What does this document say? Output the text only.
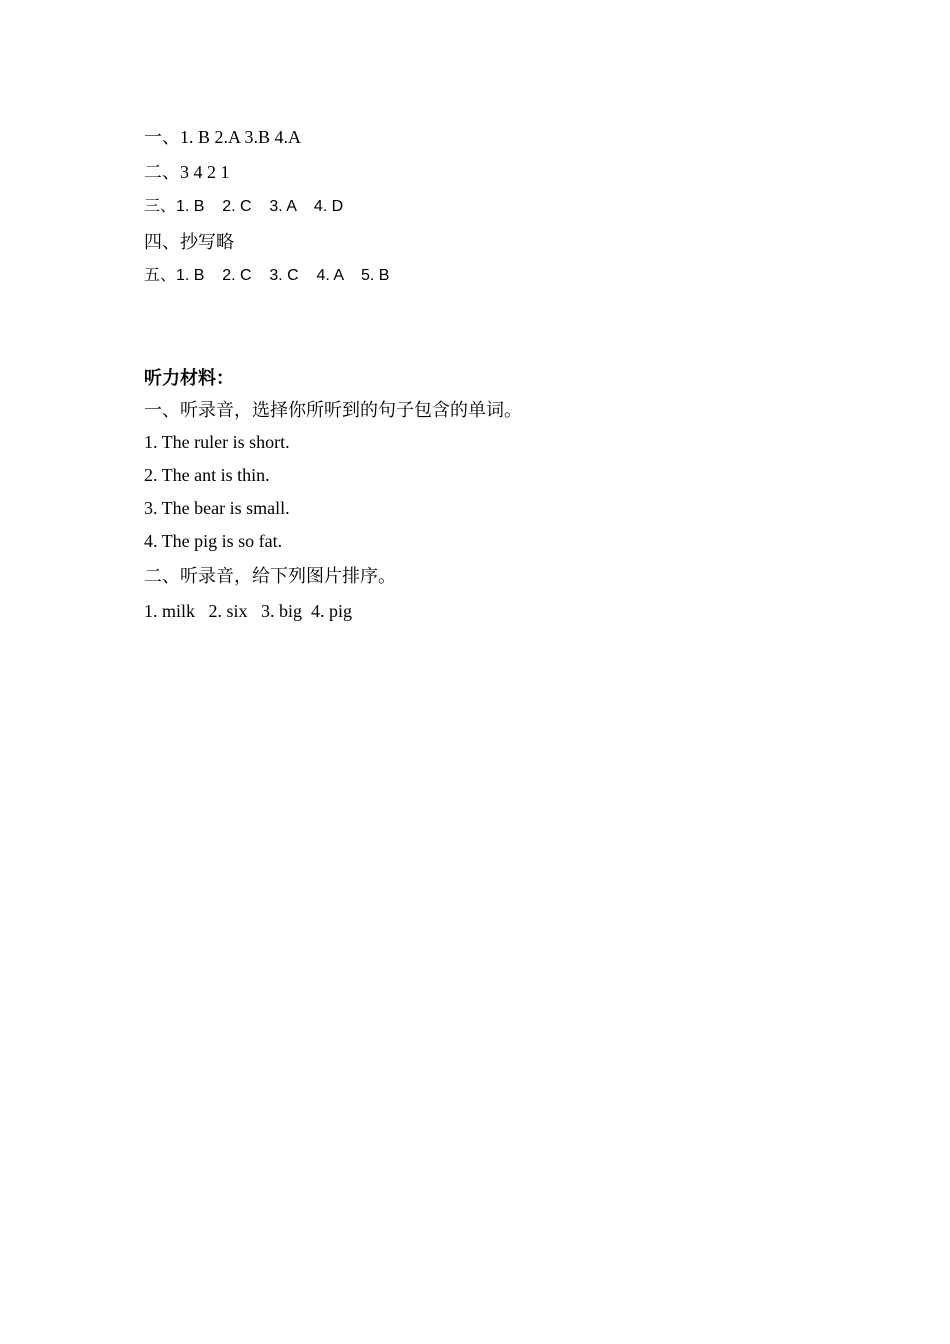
一、1. B 2.A 3.B 4.A
二、3 4 2 1
三、1. B    2. C    3. A    4. D
四、抄写略
五、1. B    2. C    3. C    4. A    5. B
听力材料：
一、听录音，选择你所听到的句子包含的单词。
1. The ruler is short.
2. The ant is thin.
3. The bear is small.
4. The pig is so fat.
二、听录音，给下列图片排序。
1. milk   2. six   3. big  4. pig
